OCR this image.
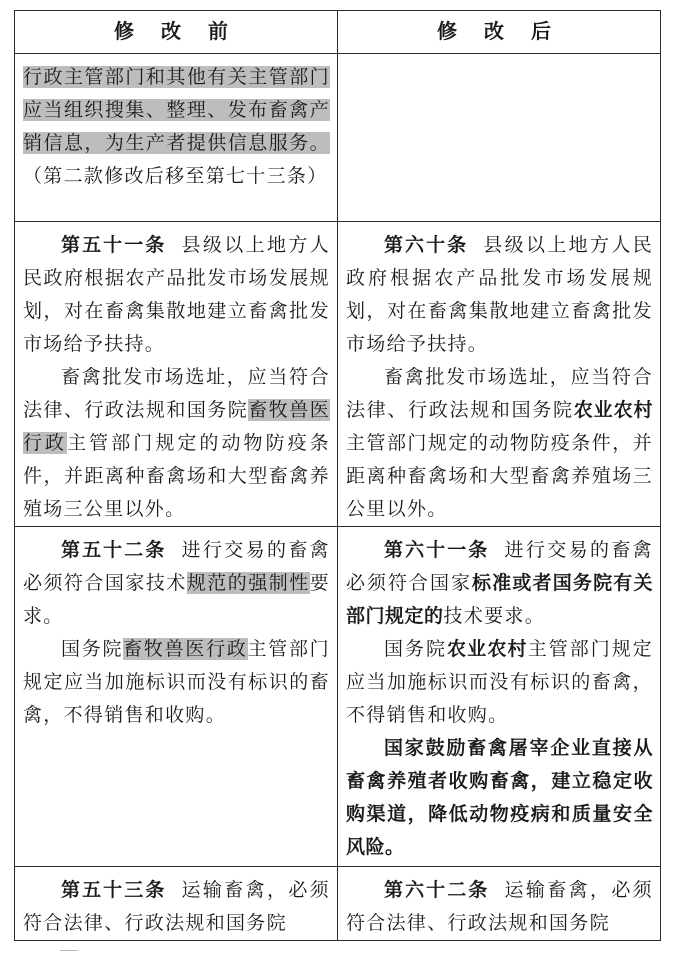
修 改 前	修 改 后

行政主管部门和其他有关主管部门应当组织搜集、整理、发布畜禽产销信息，为生产者提供信息服务。（第二款修改后移至第七十三条）

第五十一条 县级以上地方人民政府根据农产品批发市场发展规划，对在畜禽集散地建立畜禽批发市场给予扶持。

畜禽批发市场选址，应当符合法律、行政法规和国务院畜牧兽医行政主管部门规定的动物防疫条件，并距离种畜禽场和大型畜禽养殖场三公里以外。

第六十条 县级以上地方人民政府根据农产品批发市场发展规划，对在畜禽集散地建立畜禽批发市场给予扶持。

畜禽批发市场选址，应当符合法律、行政法规和国务院农业农村主管部门规定的动物防疫条件，并距离种畜禽场和大型畜禽养殖场三公里以外。

第五十二条 进行交易的畜禽必须符合国家技术规范的强制性要求。

国务院畜牧兽医行政主管部门规定应当加施标识而没有标识的畜禽，不得销售和收购。

第六十一条 进行交易的畜禽必须符合国家标准或者国务院有关部门规定的技术要求。

国务院农业农村主管部门规定应当加施标识而没有标识的畜禽，不得销售和收购。

国家鼓励畜禽屠宰企业直接从畜禽养殖者收购畜禽，建立稳定收购渠道，降低动物疫病和质量安全风险。

第五十三条 运输畜禽，必须符合法律、行政法规和国务院

第六十二条 运输畜禽，必须符合法律、行政法规和国务院
